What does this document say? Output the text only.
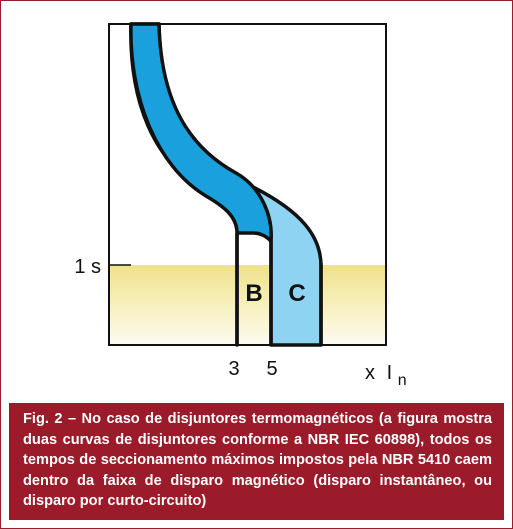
1 s
B C
3 5	x I $_n$

Fig. 2 – No caso de disjuntores termomagnéticos (a figura mostra duas curvas de disjuntores conforme a NBR IEC 60898), todos os tempos de seccionamento máximos impostos pela NBR 5410 caem dentro da faixa de disparo magnético (disparo instantâneo, ou disparo por curto-circuito)
